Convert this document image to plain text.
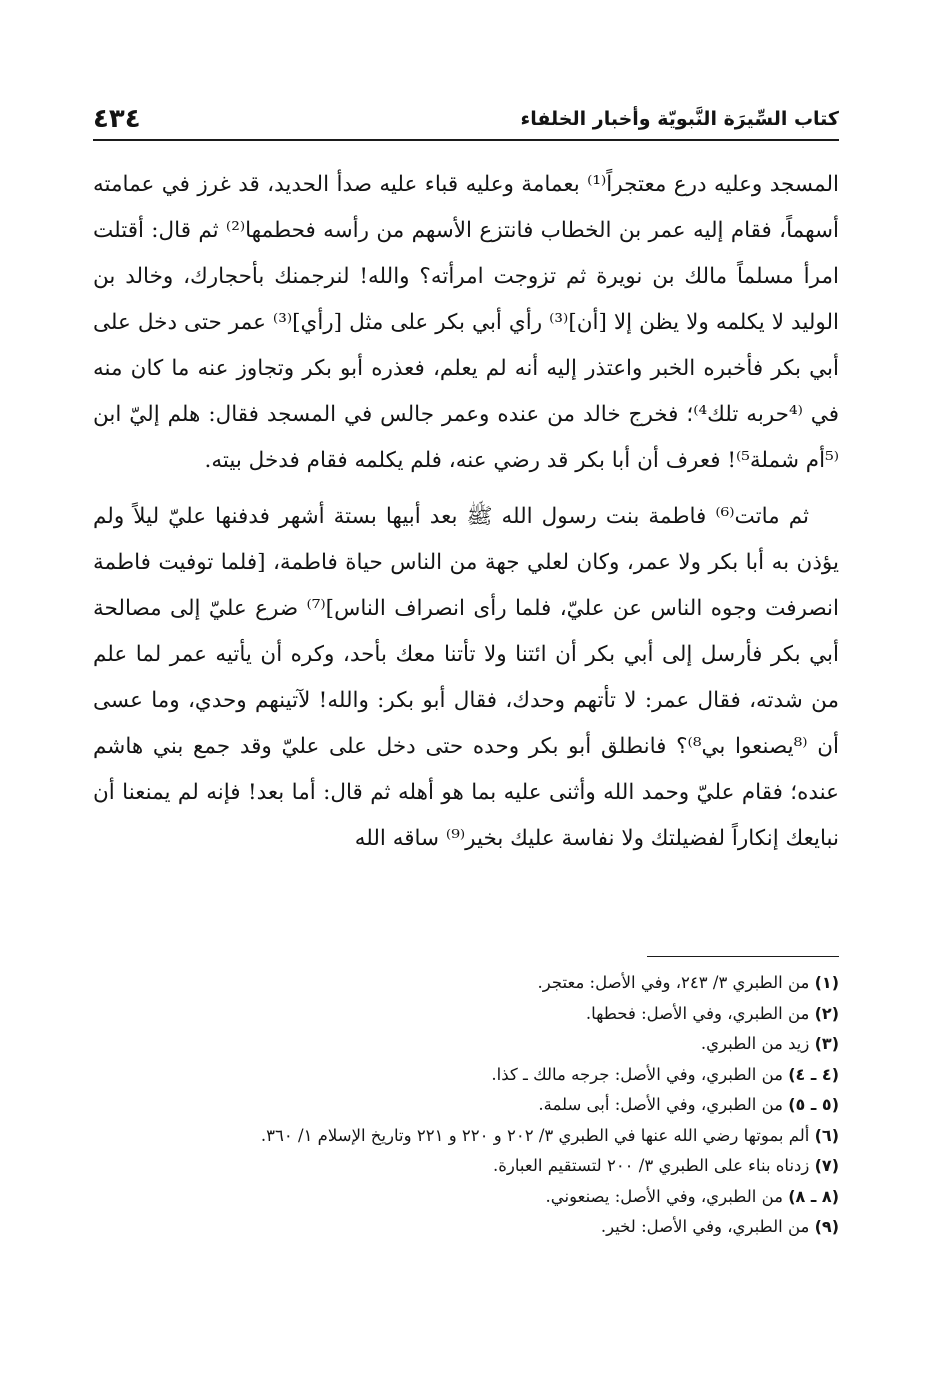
كتاب السِّيرَة النَّبويّة وأخبار الخلفاء
٤٣٤

المسجد وعليه درع معتجراً⁽¹⁾ بعمامة وعليه قباء عليه صدأ الحديد، قد غرز في عمامته أسهماً، فقام إليه عمر بن الخطاب فانتزع الأسهم من رأسه فحطمها⁽²⁾ ثم قال: أقتلت امرأ مسلماً مالك بن نويرة ثم تزوجت امرأته؟ والله! لنرجمنك بأحجارك، وخالد بن الوليد لا يكلمه ولا يظن إلا [أن]⁽³⁾ رأي أبي بكر على مثل [رأي]⁽³⁾ عمر حتى دخل على أبي بكر فأخبره الخبر واعتذر إليه أنه لم يعلم، فعذره أبو بكر وتجاوز عنه ما كان منه في ⁽⁴حربه تلك⁴⁾؛ فخرج خالد من عنده وعمر جالس في المسجد فقال: هلم إليّ ابن ⁽⁵أم شملة⁵⁾! فعرف أن أبا بكر قد رضي عنه، فلم يكلمه فقام فدخل بيته.

ثم ماتت⁽⁶⁾ فاطمة بنت رسول الله ﷺ بعد أبيها بستة أشهر فدفنها عليّ ليلاً ولم يؤذن به أبا بكر ولا عمر، وكان لعلي جهة من الناس حياة فاطمة، [فلما توفيت فاطمة انصرفت وجوه الناس عن عليّ، فلما رأى انصراف الناس]⁽⁷⁾ ضرع عليّ إلى مصالحة أبي بكر فأرسل إلى أبي بكر أن ائتنا ولا تأتنا معك بأحد، وكره أن يأتيه عمر لما علم من شدته، فقال عمر: لا تأتهم وحدك، فقال أبو بكر: والله! لآتينهم وحدي، وما عسى أن ⁽⁸يصنعوا بي⁸⁾؟ فانطلق أبو بكر وحده حتى دخل على عليّ وقد جمع بني هاشم عنده؛ فقام عليّ وحمد الله وأثنى عليه بما هو أهله ثم قال: أما بعد! فإنه لم يمنعنا أن نبايعك إنكاراً لفضيلتك ولا نفاسة عليك بخير⁽⁹⁾ ساقه الله

(١) من الطبري ٣/ ٢٤٣، وفي الأصل: معتجر.
(٢) من الطبري، وفي الأصل: فحطها.
(٣) زيد من الطبري.
(٤ ـ ٤) من الطبري، وفي الأصل: جرجه مالك ـ كذا.
(٥ ـ ٥) من الطبري، وفي الأصل: أبى سلمة.
(٦) ألم بموتها رضي الله عنها في الطبري ٣/ ٢٠٢ و ٢٢٠ و ٢٢١ وتاريخ الإسلام ١/ ٣٦٠.
(٧) زدناه بناء على الطبري ٣/ ٢٠٠ لتستقيم العبارة.
(٨ ـ ٨) من الطبري، وفي الأصل: يصنعوني.
(٩) من الطبري، وفي الأصل: لخير.
